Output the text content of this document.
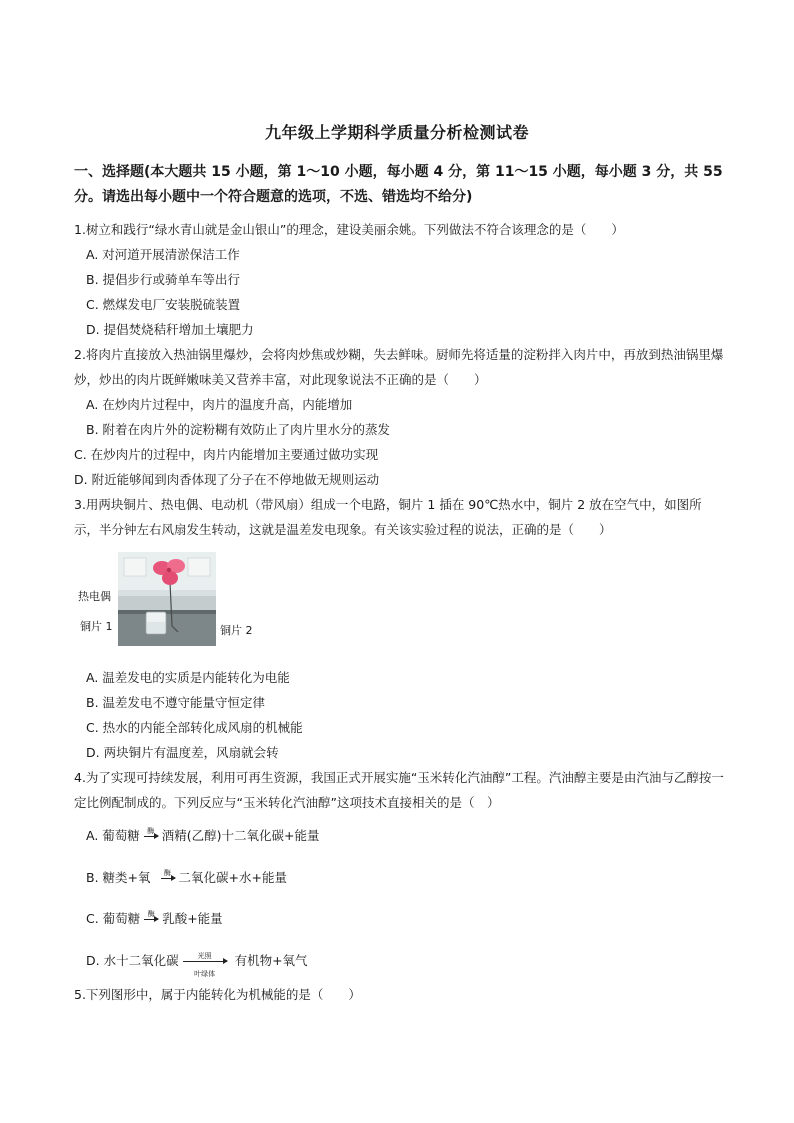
九年级上学期科学质量分析检测试卷
一、选择题(本大题共 15 小题，第 1～10 小题，每小题 4 分，第 11～15 小题，每小题 3 分，共 55 分。请选出每小题中一个符合题意的选项，不选、错选均不给分)
1.树立和践行“绿水青山就是金山银山”的理念，建设美丽余姚。下列做法不符合该理念的是（　　）
A. 对河道开展清淤保洁工作
B. 提倡步行或骑单车等出行
C. 燃煤发电厂安装脱硫装置
D. 提倡焚烧秸秆增加土壤肥力
2.将肉片直接放入热油锅里爆炒，会将肉炒焦或炒糊，失去鲜味。厨师先将适量的淀粉拌入肉片中，再放到热油锅里爆炒，炒出的肉片既鲜嫩味美又营养丰富，对此现象说法不正确的是（　　）
A. 在炒肉片过程中，肉片的温度升高，内能增加
B. 附着在肉片外的淀粉糊有效防止了肉片里水分的蒸发
C. 在炒肉片的过程中，肉片内能增加主要通过做功实现
D. 附近能够闻到肉香体现了分子在不停地做无规则运动
3.用两块铜片、热电偶、电动机（带风扇）组成一个电路，铜片 1 插在 90℃热水中，铜片 2 放在空气中，如图所示，半分钟左右风扇发生转动，这就是温差发电现象。有关该实验过程的说法，正确的是（　　）
热电偶
铜片 1	铜片 2
A. 温差发电的实质是内能转化为电能
B. 温差发电不遵守能量守恒定律
C. 热水的内能全部转化成风扇的机械能
D. 两块铜片有温度差，风扇就会转
4.为了实现可持续发展，利用可再生资源，我国正式开展实施“玉米转化汽油醇”工程。汽油醇主要是由汽油与乙醇按一定比例配制成的。下列反应与“玉米转化汽油醇”这项技术直接相关的是（　）
A. 葡萄糖	酶 酒精(乙醇)十二氧化碳+能量
B. 糖类+氧	酶 二氧化碳+水+能量
C. 葡萄糖	酶 乳酸+能量
D. 水十二氧化碳	光照
叶绿体
有机物+氧气
5.下列图形中，属于内能转化为机械能的是（　　）
